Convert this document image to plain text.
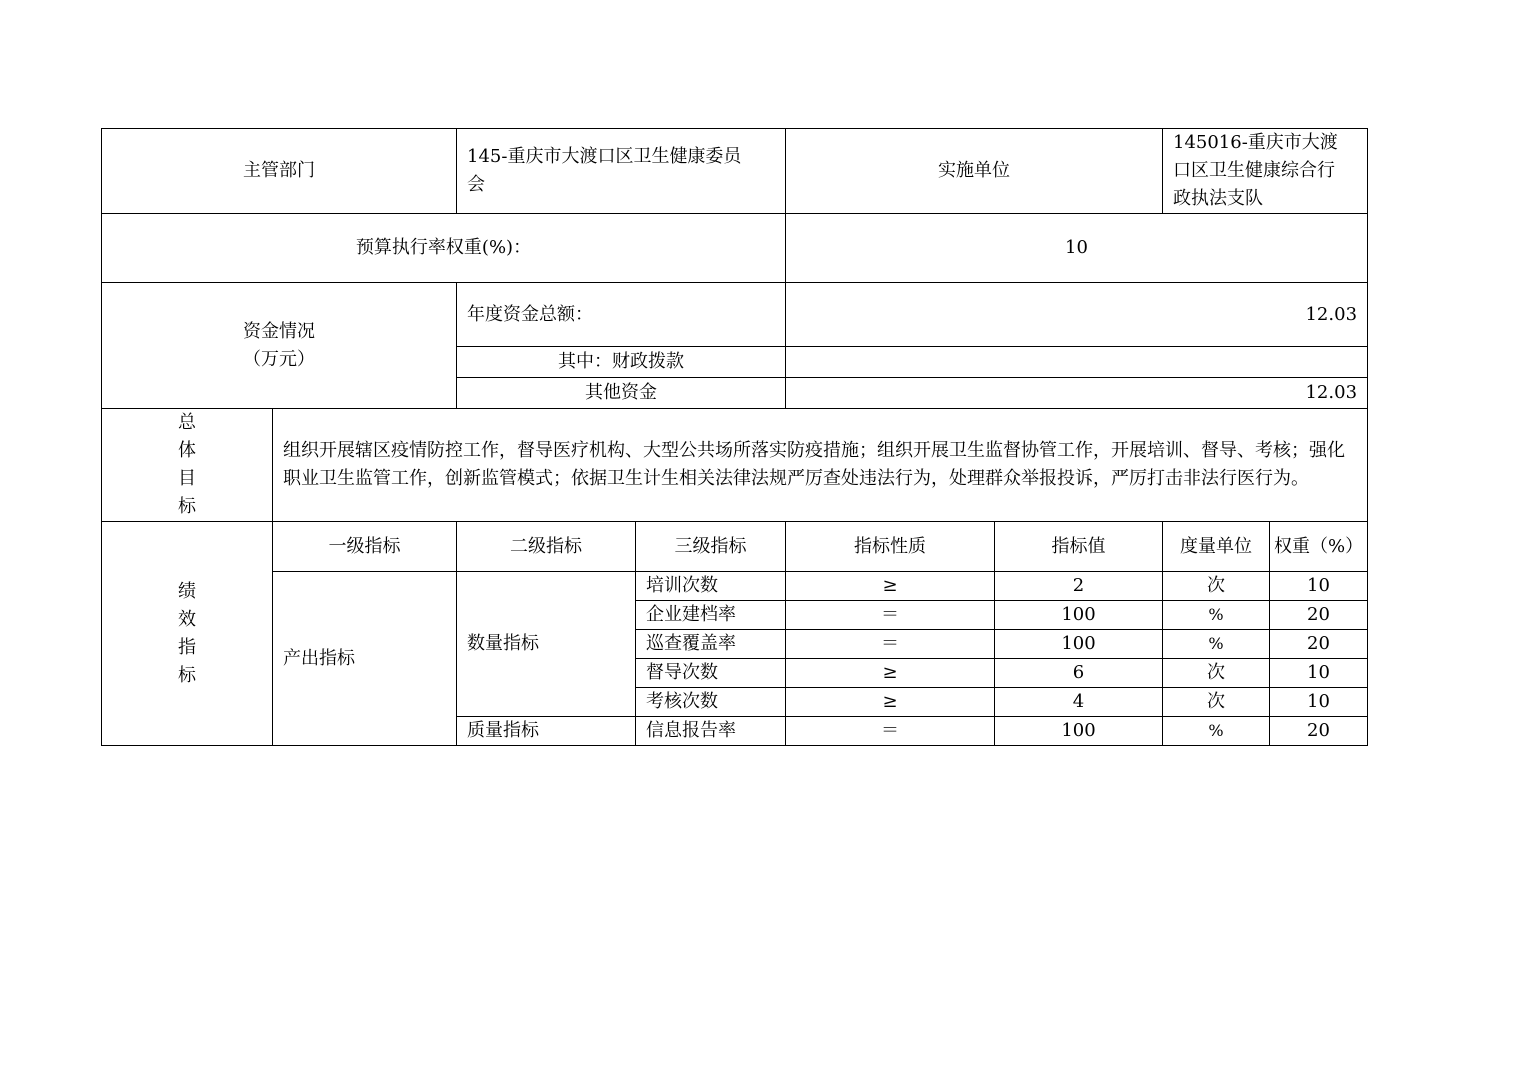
主管部门		145-重庆市大渡口区卫生健康委员
会		实施单位		145016-重庆市大渡
口区卫生健康综合行
政执法支队	
预算执行率权重(%)：				10			
资金情况
（万元）		年度资金总额：		12.03			
		其中：财政拨款					
		其他资金		12.03			
总
体
目
标	组织开展辖区疫情防控工作，督导医疗机构、大型公共场所落实防疫措施；组织开展卫生监督协管工作，开展培训、督导、考核；强化职业卫生监管工作，创新监管模式；依据卫生计生相关法律法规严厉查处违法行为，处理群众举报投诉，严厉打击非法行医行为。						
绩
效
指
标	一级指标	二级指标	三级指标	指标性质	指标值	度量单位	权重（%）
	产出指标	数量指标	培训次数	≥	2	次	10
			企业建档率	＝	100	%	20
			巡查覆盖率	＝	100	%	20
			督导次数	≥	6	次	10
			考核次数	≥	4	次	10
		质量指标	信息报告率	＝	100	%	20
